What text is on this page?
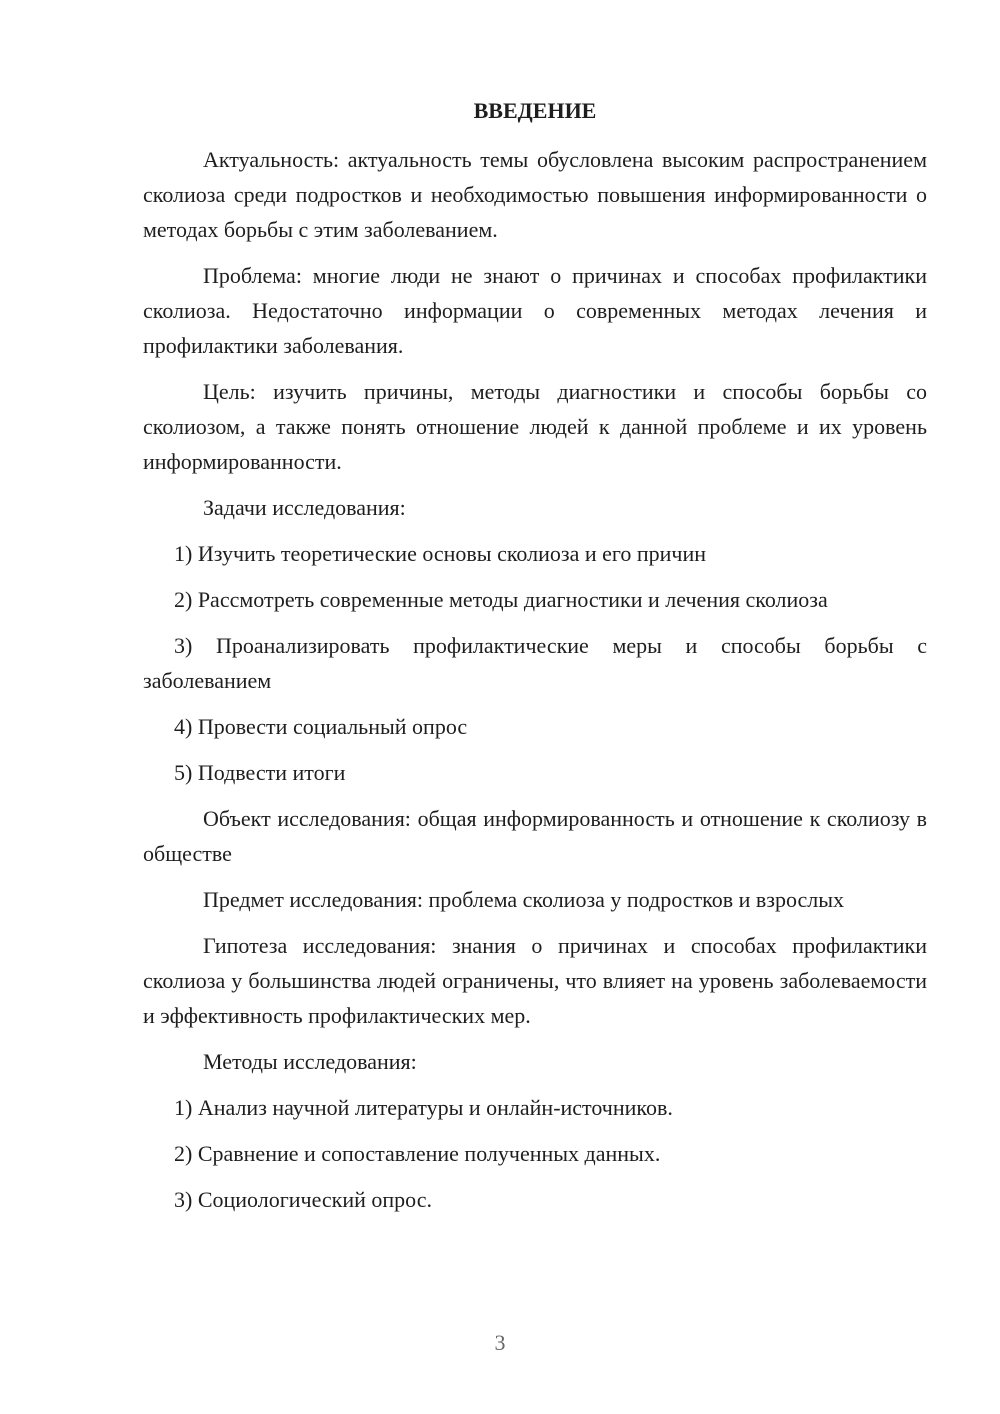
ВВЕДЕНИЕ

Актуальность: актуальность темы обусловлена высоким распространением сколиоза среди подростков и необходимостью повышения информированности о методах борьбы с этим заболеванием.

Проблема: многие люди не знают о причинах и способах профилактики сколиоза. Недостаточно информации о современных методах лечения и профилактики заболевания.

Цель: изучить причины, методы диагностики и способы борьбы со сколиозом, а также понять отношение людей к данной проблеме и их уровень информированности.

Задачи исследования:

1) Изучить теоретические основы сколиоза и его причин

2) Рассмотреть современные методы диагностики и лечения сколиоза

3) Проанализировать профилактические меры и способы борьбы с заболеванием

4) Провести социальный опрос

5) Подвести итоги

Объект исследования: общая информированность и отношение к сколиозу в обществе

Предмет исследования: проблема сколиоза у подростков и взрослых

Гипотеза исследования: знания о причинах и способах профилактики сколиоза у большинства людей ограничены, что влияет на уровень заболеваемости и эффективность профилактических мер.

Методы исследования:

1) Анализ научной литературы и онлайн-источников.

2) Сравнение и сопоставление полученных данных.

3) Социологический опрос.

3
